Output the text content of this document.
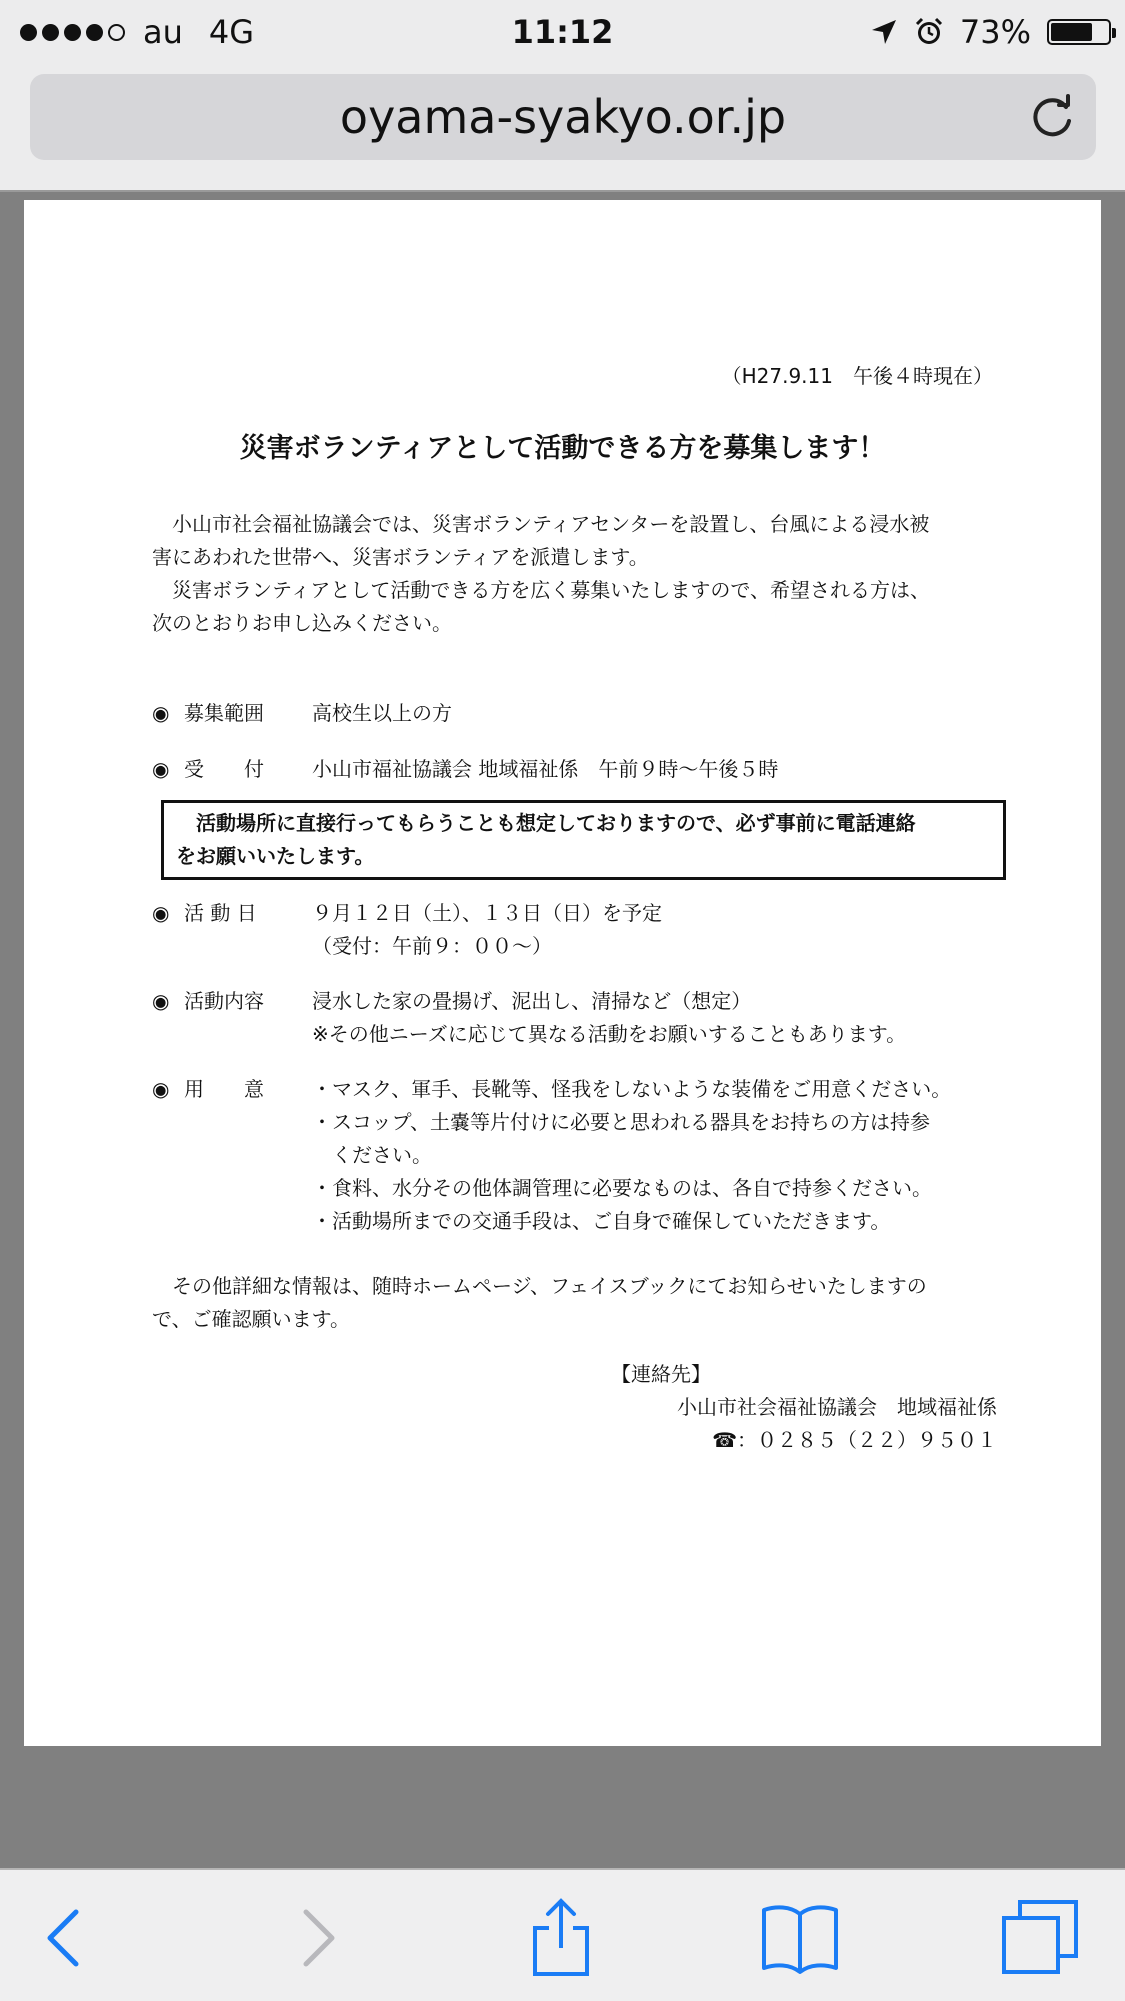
au 4G	11:12	73%
oyama-syakyo.or.jp
（H27.9.11　午後４時現在）
災害ボランティアとして活動できる方を募集します！
　小山市社会福祉協議会では、災害ボランティアセンターを設置し、台風による浸水被
害にあわれた世帯へ、災害ボランティアを派遣します。
　災害ボランティアとして活動できる方を広く募集いたしますので、希望される方は、
次のとおりお申し込みください。
◉ 募集範囲 高校生以上の方
◉ 受　　付 小山市福祉協議会 地域福祉係　午前９時～午後５時
　活動場所に直接行ってもらうことも想定しておりますので、必ず事前に電話連絡
をお願いいたします。
◉ 活 動 日	９月１２日（土）、１３日（日）を予定
（受付：午前９：００～）
◉ 活動内容 浸水した家の畳揚げ、泥出し、清掃など（想定）
※その他ニーズに応じて異なる活動をお願いすることもあります。
◉ 用　　意 ・マスク、軍手、長靴等、怪我をしないような装備をご用意ください。
・スコップ、土嚢等片付けに必要と思われる器具をお持ちの方は持参
　ください。
・食料、水分その他体調管理に必要なものは、各自で持参ください。
・活動場所までの交通手段は、ご自身で確保していただきます。
　その他詳細な情報は、随時ホームページ、フェイスブックにてお知らせいたしますの
で、ご確認願います。
【連絡先】
小山市社会福祉協議会　地域福祉係
☎：０２８５（２２）９５０１
